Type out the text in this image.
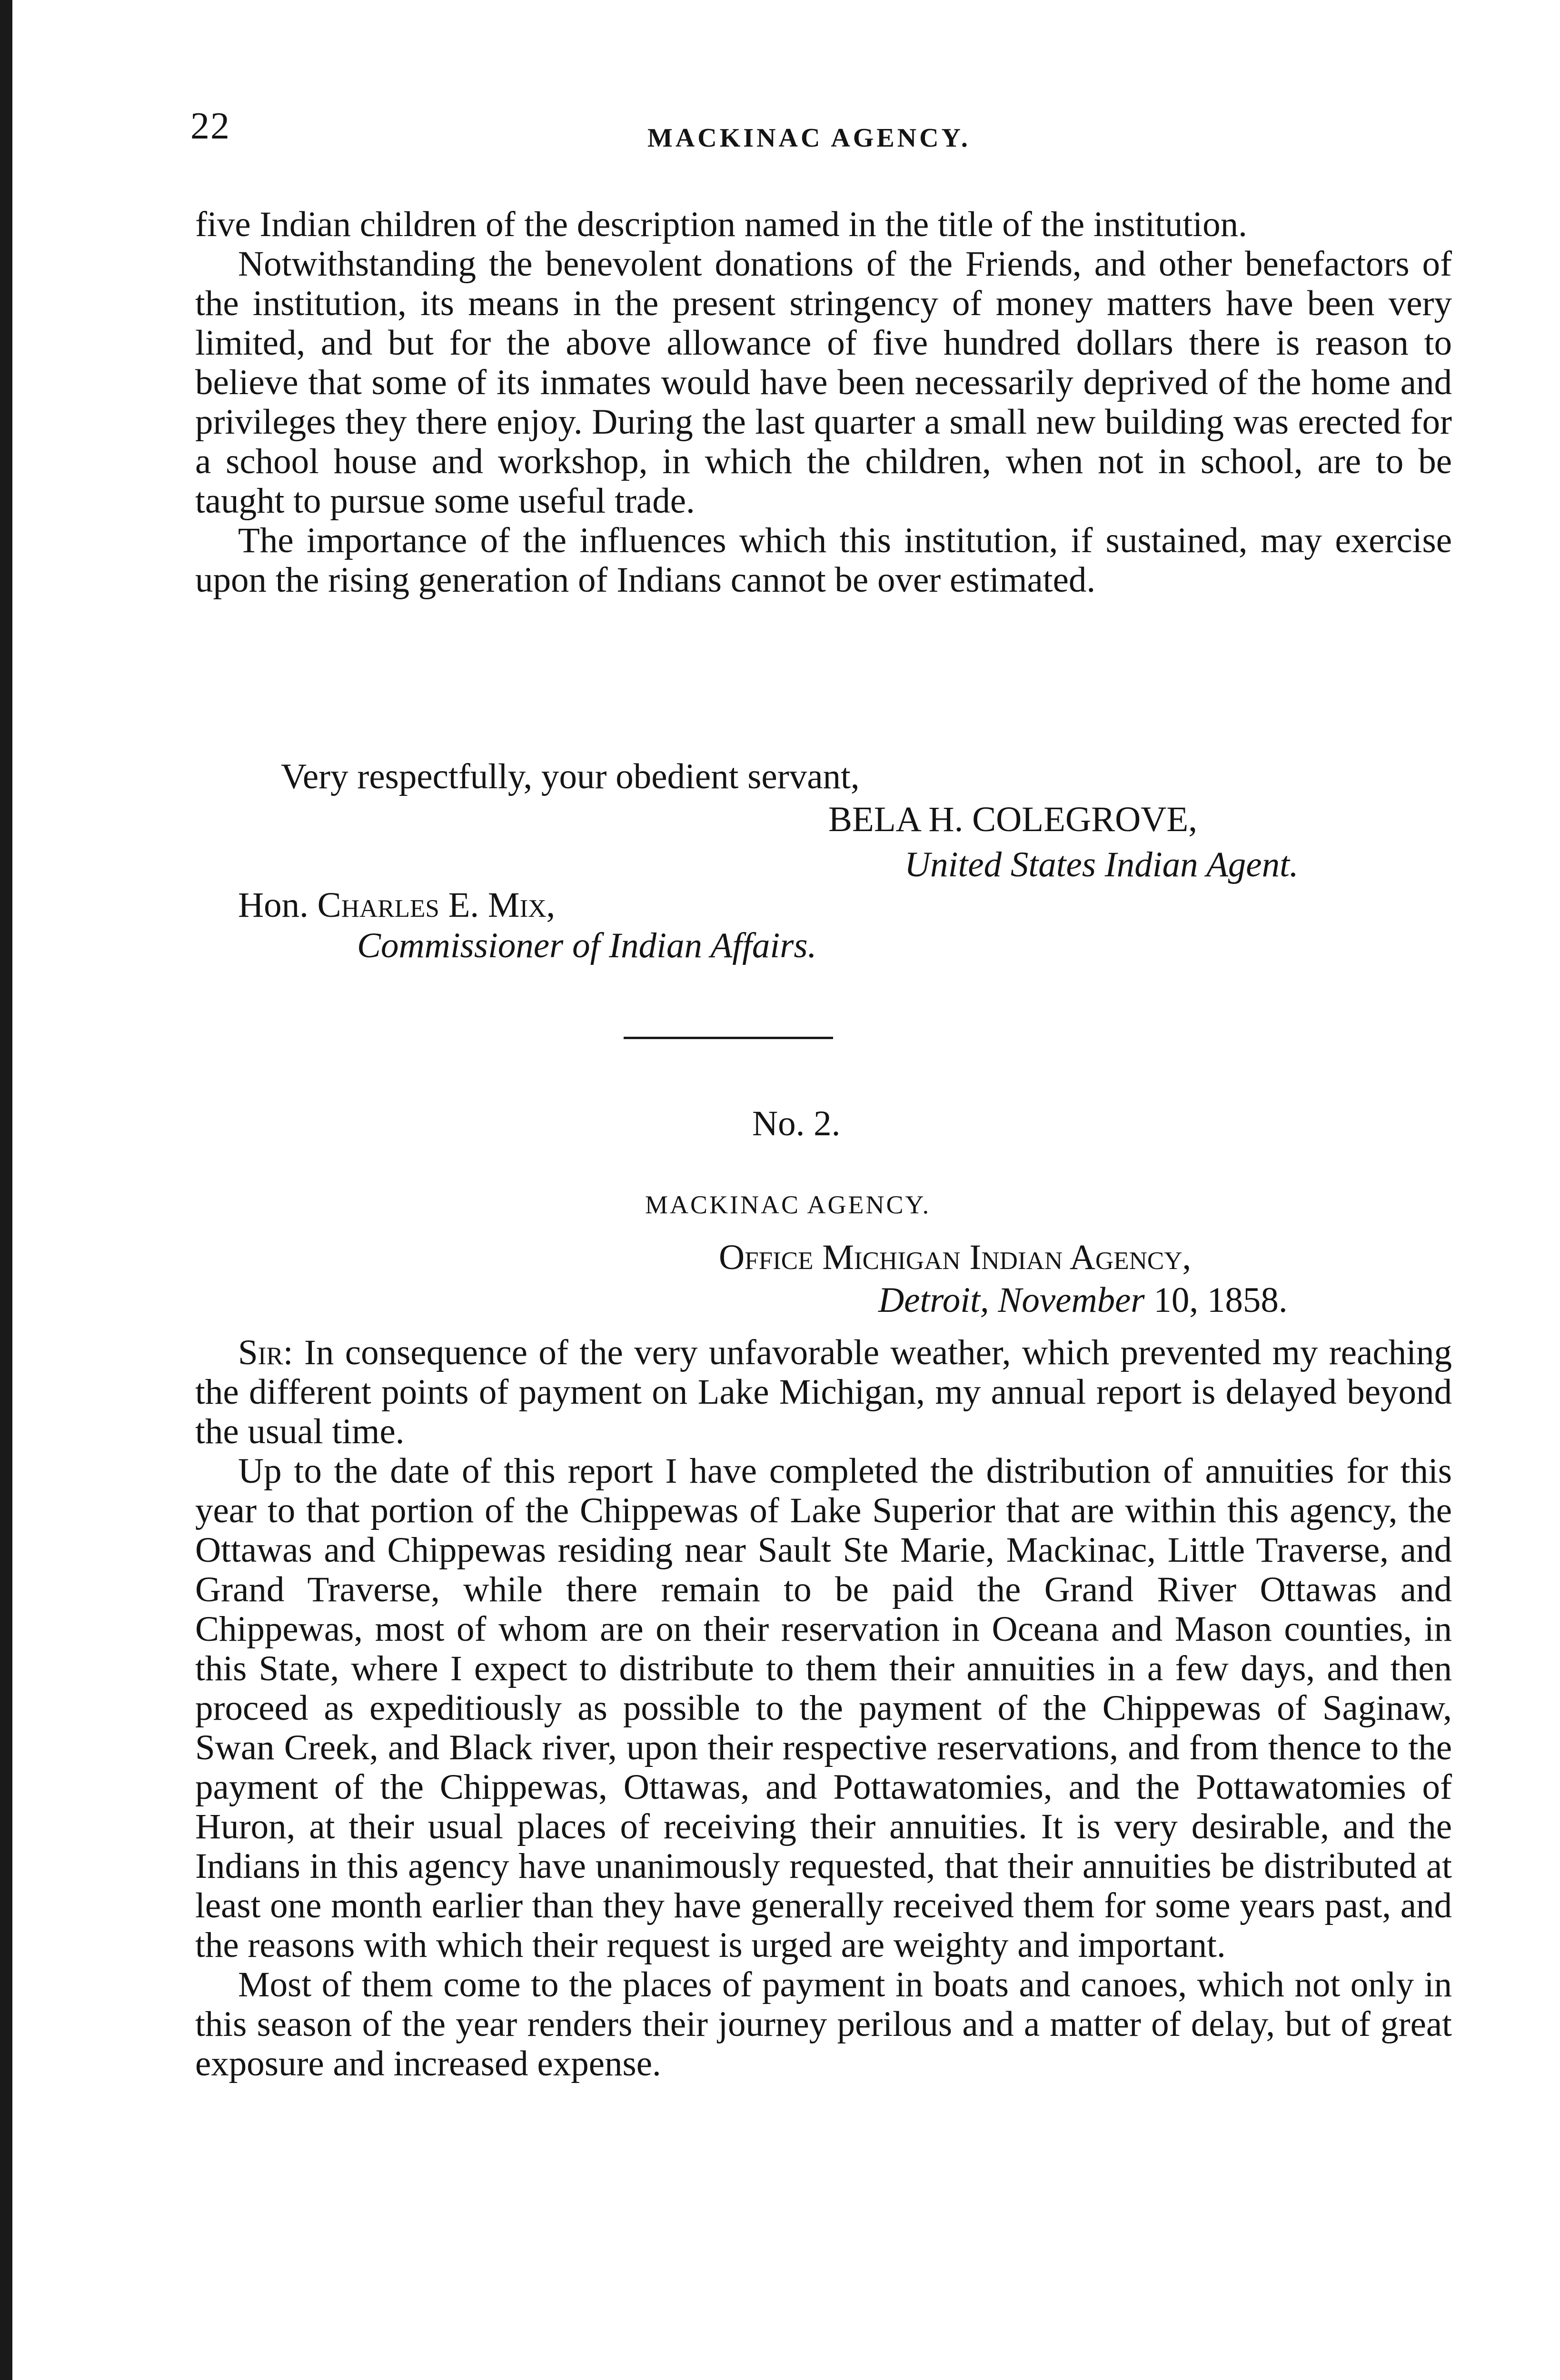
22	MACKINAC AGENCY.

five Indian children of the description named in the title of the institution.

Notwithstanding the benevolent donations of the Friends, and other benefactors of the institution, its means in the present stringency of money matters have been very limited, and but for the above allowance of five hundred dollars there is reason to believe that some of its inmates would have been necessarily deprived of the home and privileges they there enjoy. During the last quarter a small new building was erected for a school house and workshop, in which the children, when not in school, are to be taught to pursue some useful trade.

The importance of the influences which this institution, if sustained, may exercise upon the rising generation of Indians cannot be over estimated.

Very respectfully, your obedient servant,
BELA H. COLEGROVE,
United States Indian Agent.
Hon. Charles E. Mix,
Commissioner of Indian Affairs.
No. 2.
MACKINAC AGENCY.
Office Michigan Indian Agency,
Detroit, November 10, 1858.

Sir: In consequence of the very unfavorable weather, which prevented my reaching the different points of payment on Lake Michigan, my annual report is delayed beyond the usual time.

Up to the date of this report I have completed the distribution of annuities for this year to that portion of the Chippewas of Lake Superior that are within this agency, the Ottawas and Chippewas residing near Sault Ste Marie, Mackinac, Little Traverse, and Grand Traverse, while there remain to be paid the Grand River Ottawas and Chippewas, most of whom are on their reservation in Oceana and Mason counties, in this State, where I expect to distribute to them their annuities in a few days, and then proceed as expeditiously as possible to the payment of the Chippewas of Saginaw, Swan Creek, and Black river, upon their respective reservations, and from thence to the payment of the Chippewas, Ottawas, and Pottawatomies, and the Pottawatomies of Huron, at their usual places of receiving their annuities. It is very desirable, and the Indians in this agency have unanimously requested, that their annuities be distributed at least one month earlier than they have generally received them for some years past, and the reasons with which their request is urged are weighty and important.

Most of them come to the places of payment in boats and canoes, which not only in this season of the year renders their journey perilous and a matter of delay, but of great exposure and increased expense.
